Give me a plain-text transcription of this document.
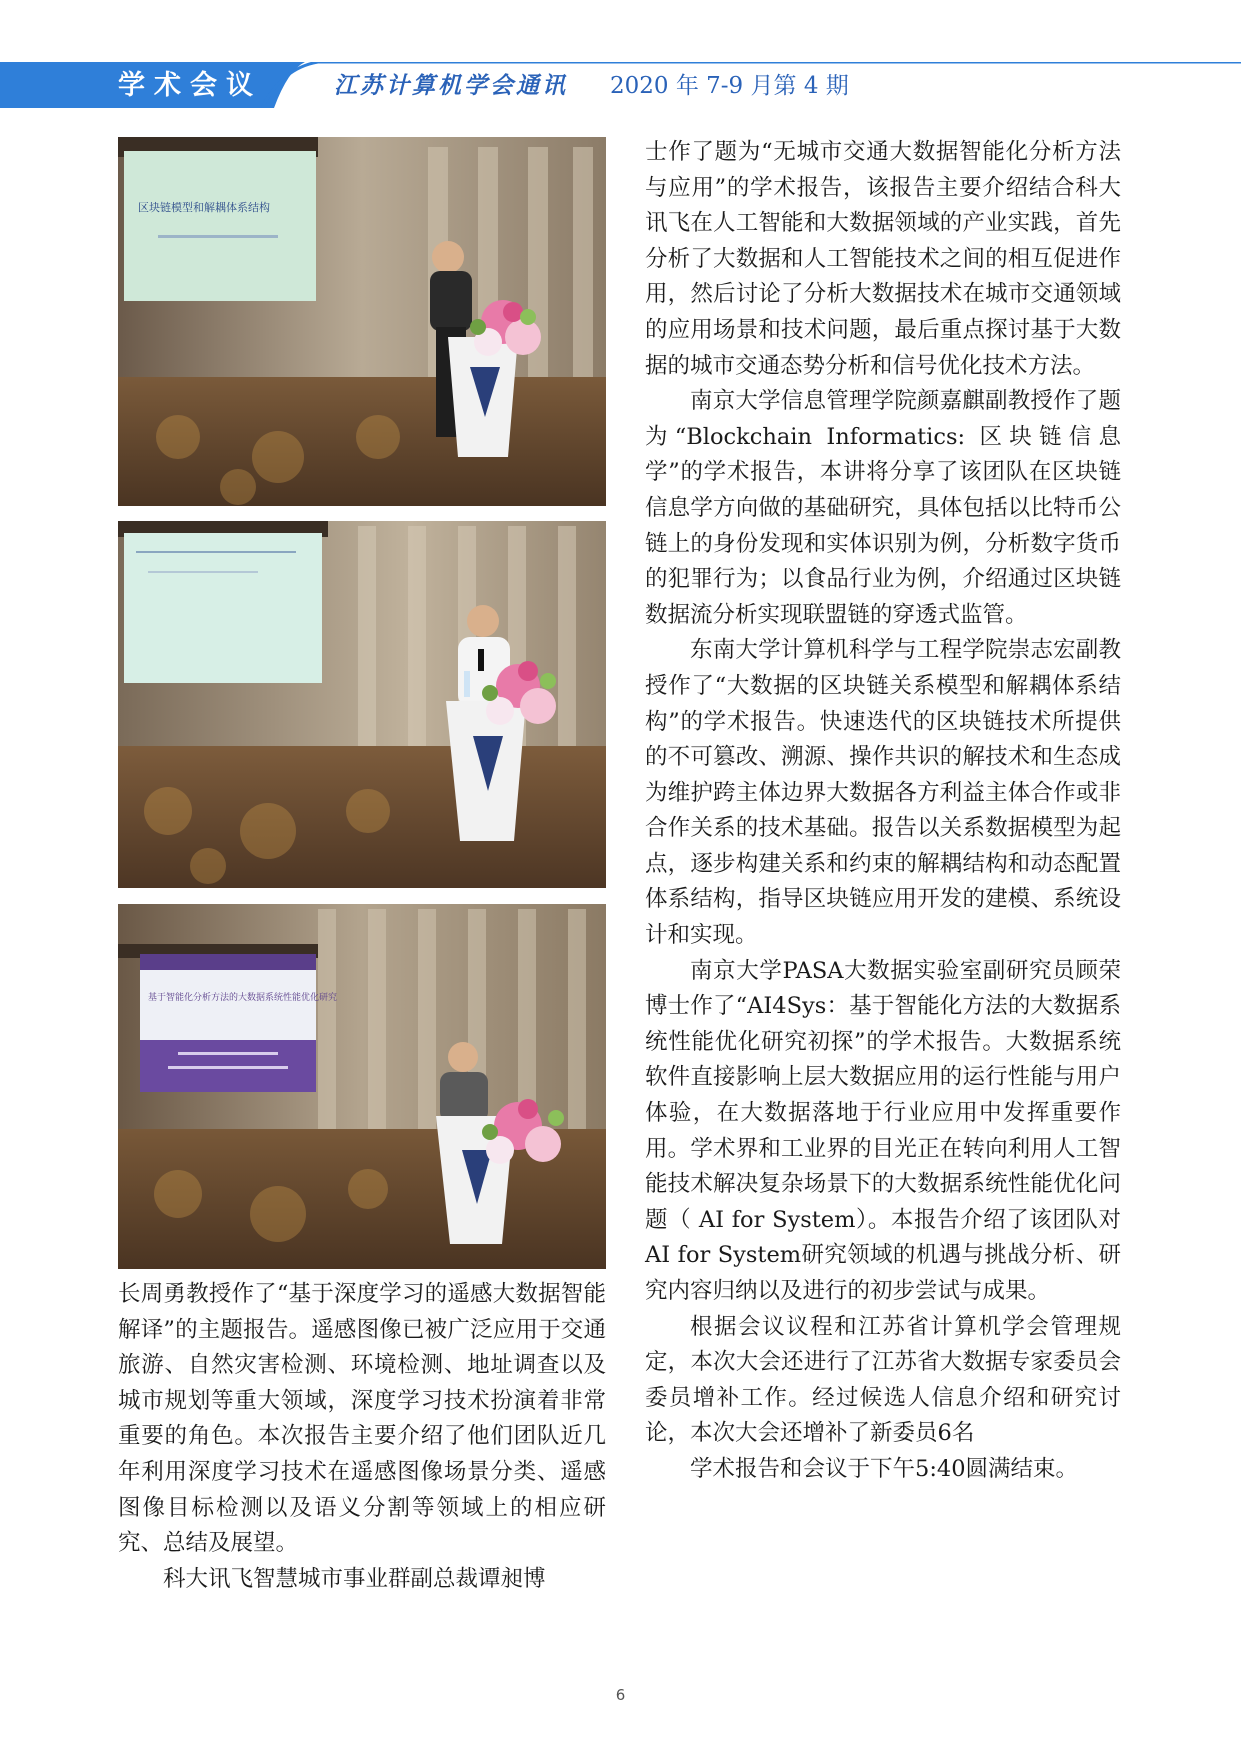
学术会议	江苏计算机学会通讯 2020 年 7-9 月第 4 期
区块链模型和解耦体系结构
基于智能化分析方法的大数据系统性能优化研究

士作了题为“无城市交通大数据智能化分析方法与应用”的学术报告，该报告主要介绍结合科大讯飞在人工智能和大数据领域的产业实践，首先分析了大数据和人工智能技术之间的相互促进作用，然后讨论了分析大数据技术在城市交通领域的应用场景和技术问题，最后重点探讨基于大数据的城市交通态势分析和信号优化技术方法。

南京大学信息管理学院颜嘉麒副教授作了题为“Blockchain Informatics: 区块链信息学”的学术报告，本讲将分享了该团队在区块链信息学方向做的基础研究，具体包括以比特币公链上的身份发现和实体识别为例，分析数字货币的犯罪行为；以食品行业为例，介绍通过区块链数据流分析实现联盟链的穿透式监管。

东南大学计算机科学与工程学院崇志宏副教授作了“大数据的区块链关系模型和解耦体系结构”的学术报告。快速迭代的区块链技术所提供的不可篡改、溯源、操作共识的解技术和生态成为维护跨主体边界大数据各方利益主体合作或非合作关系的技术基础。报告以关系数据模型为起点，逐步构建关系和约束的解耦结构和动态配置体系结构，指导区块链应用开发的建模、系统设计和实现。

南京大学PASA大数据实验室副研究员顾荣博士作了“AI4Sys：基于智能化方法的大数据系统性能优化研究初探”的学术报告。大数据系统软件直接影响上层大数据应用的运行性能与用户体验，在大数据落地于行业应用中发挥重要作用。学术界和工业界的目光正在转向利用人工智能技术解决复杂场景下的大数据系统性能优化问题（ AI for System）。本报告介绍了该团队对 AI for System研究领域的机遇与挑战分析、研究内容归纳以及进行的初步尝试与成果。

根据会议议程和江苏省计算机学会管理规定，本次大会还进行了江苏省大数据专家委员会委员增补工作。经过候选人信息介绍和研究讨论，本次大会还增补了新委员6名

学术报告和会议于下午5:40圆满结束。

长周勇教授作了“基于深度学习的遥感大数据智能解译”的主题报告。遥感图像已被广泛应用于交通旅游、自然灾害检测、环境检测、地址调查以及城市规划等重大领域，深度学习技术扮演着非常重要的角色。本次报告主要介绍了他们团队近几年利用深度学习技术在遥感图像场景分类、遥感图像目标检测以及语义分割等领域上的相应研究、总结及展望。

科大讯飞智慧城市事业群副总裁谭昶博

6
